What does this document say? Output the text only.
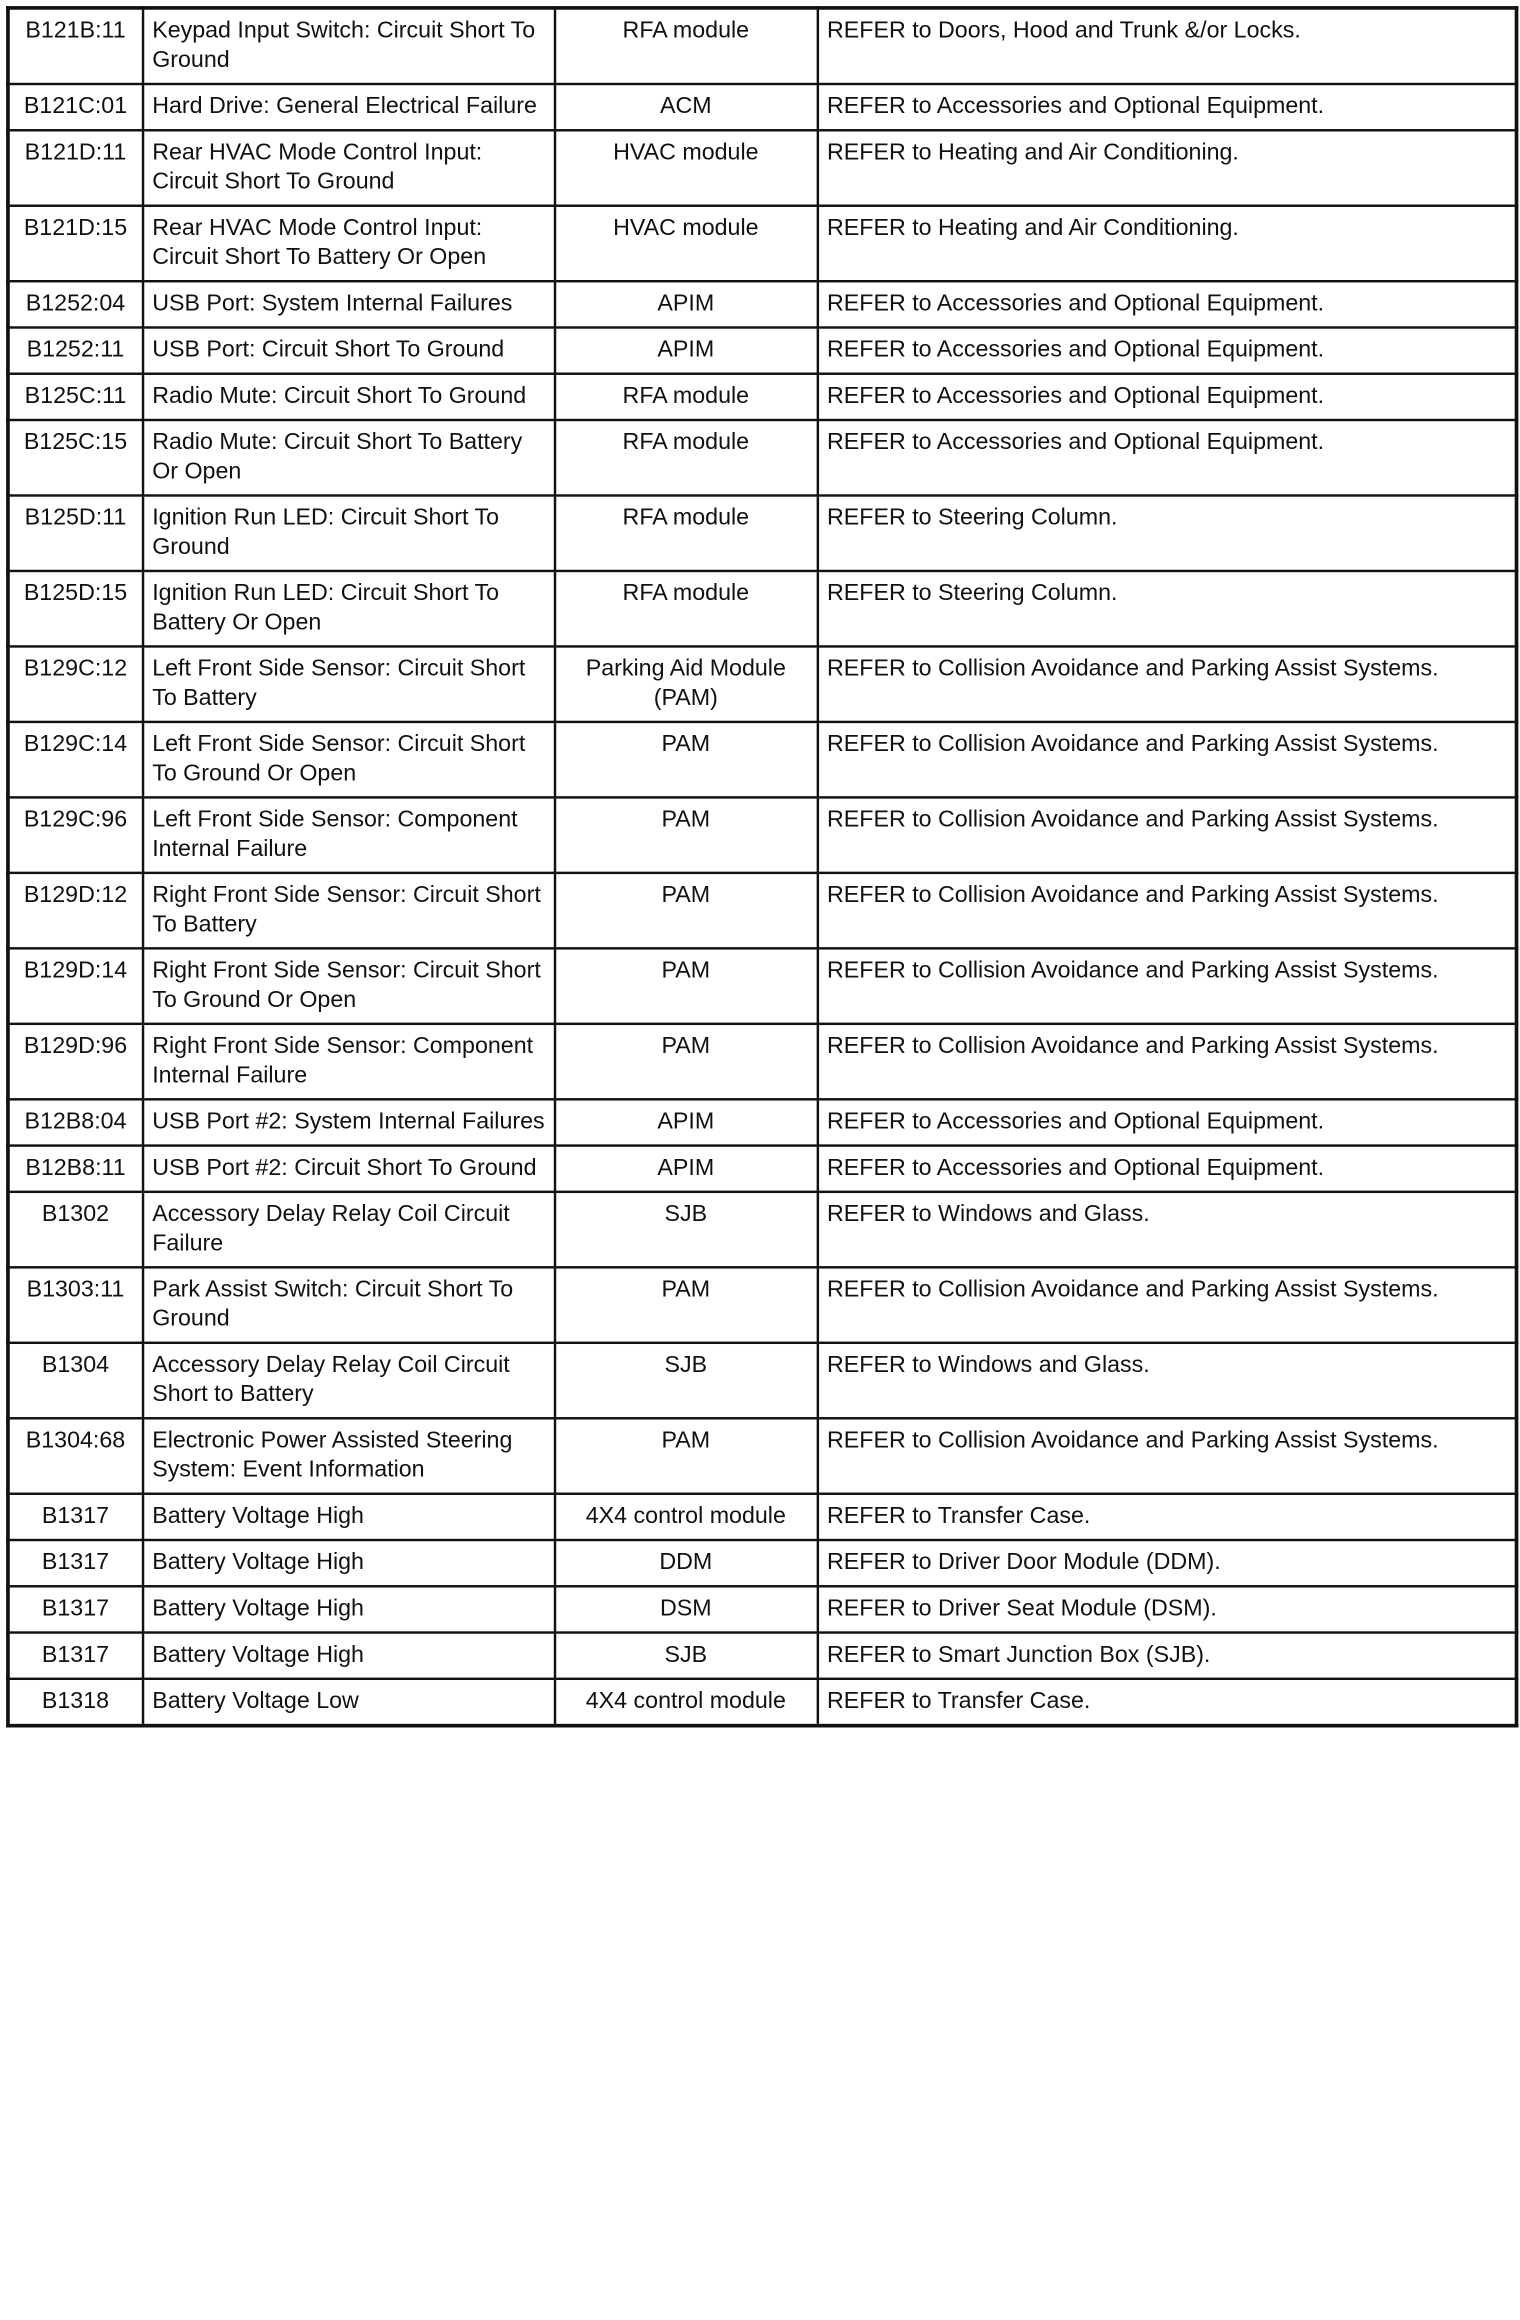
B121B:11	Keypad Input Switch: Circuit Short To Ground	RFA module	REFER to Doors, Hood and Trunk &/or Locks.
B121C:01	Hard Drive: General Electrical Failure	ACM	REFER to Accessories and Optional Equipment.
B121D:11	Rear HVAC Mode Control Input: Circuit Short To Ground	HVAC module	REFER to Heating and Air Conditioning.
B121D:15	Rear HVAC Mode Control Input: Circuit Short To Battery Or Open	HVAC module	REFER to Heating and Air Conditioning.
B1252:04	USB Port: System Internal Failures	APIM	REFER to Accessories and Optional Equipment.
B1252:11	USB Port: Circuit Short To Ground	APIM	REFER to Accessories and Optional Equipment.
B125C:11	Radio Mute: Circuit Short To Ground	RFA module	REFER to Accessories and Optional Equipment.
B125C:15	Radio Mute: Circuit Short To Battery Or Open	RFA module	REFER to Accessories and Optional Equipment.
B125D:11	Ignition Run LED: Circuit Short To Ground	RFA module	REFER to Steering Column.
B125D:15	Ignition Run LED: Circuit Short To Battery Or Open	RFA module	REFER to Steering Column.
B129C:12	Left Front Side Sensor: Circuit Short To Battery	Parking Aid Module (PAM)	REFER to Collision Avoidance and Parking Assist Systems.
B129C:14	Left Front Side Sensor: Circuit Short To Ground Or Open	PAM	REFER to Collision Avoidance and Parking Assist Systems.
B129C:96	Left Front Side Sensor: Component Internal Failure	PAM	REFER to Collision Avoidance and Parking Assist Systems.
B129D:12	Right Front Side Sensor: Circuit Short To Battery	PAM	REFER to Collision Avoidance and Parking Assist Systems.
B129D:14	Right Front Side Sensor: Circuit Short To Ground Or Open	PAM	REFER to Collision Avoidance and Parking Assist Systems.
B129D:96	Right Front Side Sensor: Component Internal Failure	PAM	REFER to Collision Avoidance and Parking Assist Systems.
B12B8:04	USB Port #2: System Internal Failures	APIM	REFER to Accessories and Optional Equipment.
B12B8:11	USB Port #2: Circuit Short To Ground	APIM	REFER to Accessories and Optional Equipment.
B1302	Accessory Delay Relay Coil Circuit Failure	SJB	REFER to Windows and Glass.
B1303:11	Park Assist Switch: Circuit Short To Ground	PAM	REFER to Collision Avoidance and Parking Assist Systems.
B1304	Accessory Delay Relay Coil Circuit Short to Battery	SJB	REFER to Windows and Glass.
B1304:68	Electronic Power Assisted Steering System: Event Information	PAM	REFER to Collision Avoidance and Parking Assist Systems.
B1317	Battery Voltage High	4X4 control module	REFER to Transfer Case.
B1317	Battery Voltage High	DDM	REFER to Driver Door Module (DDM).
B1317	Battery Voltage High	DSM	REFER to Driver Seat Module (DSM).
B1317	Battery Voltage High	SJB	REFER to Smart Junction Box (SJB).
B1318	Battery Voltage Low	4X4 control module	REFER to Transfer Case.
